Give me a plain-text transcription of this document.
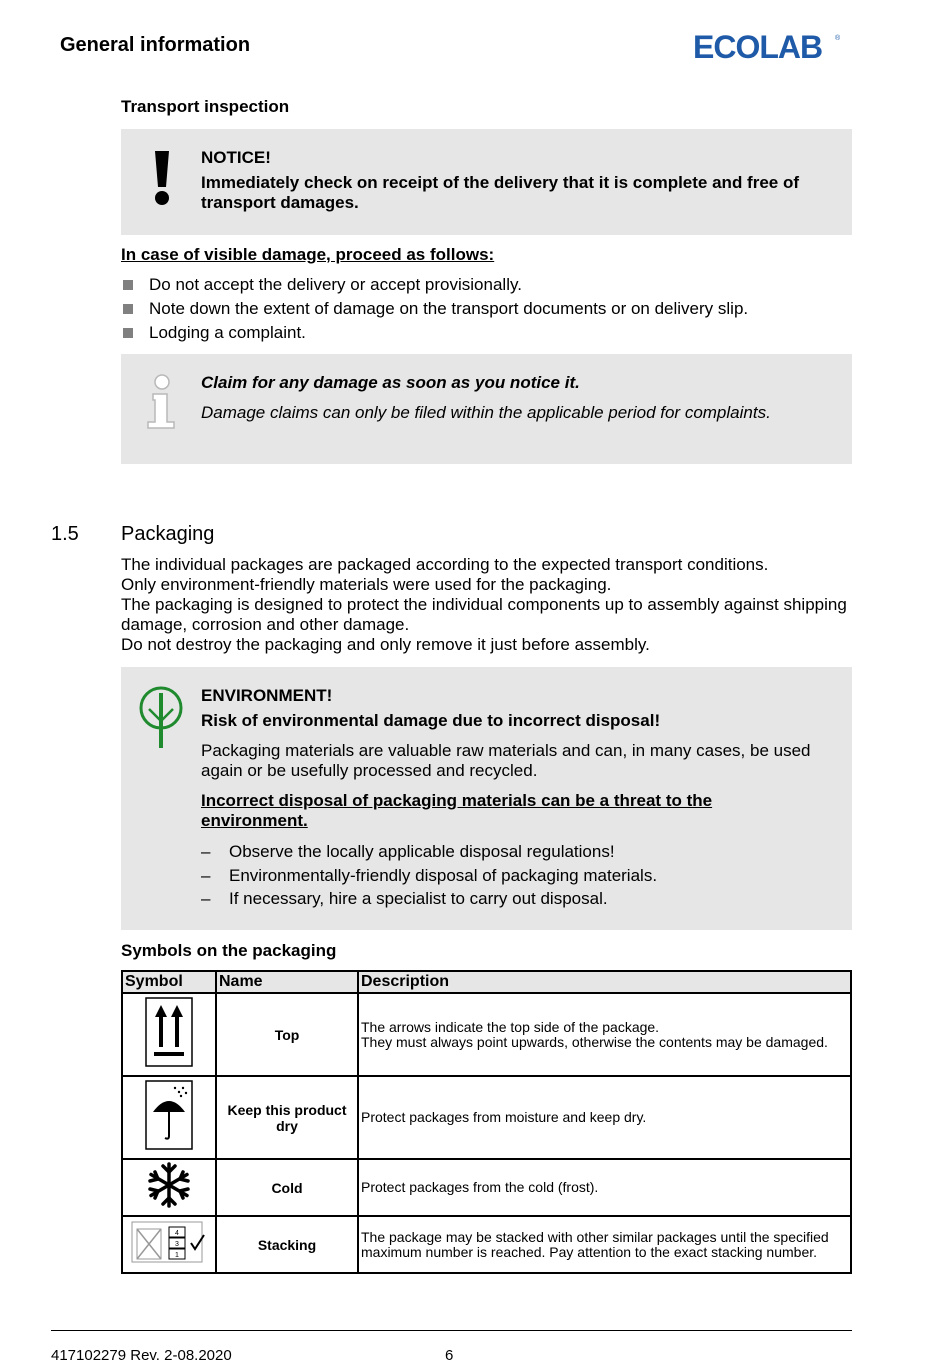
General information	ECOLAB ®
Transport inspection
NOTICE!
Immediately check on receipt of the delivery that it is complete and free of transport damages.
In case of visible damage, proceed as follows:
Do not accept the delivery or accept provisionally.
Note down the extent of damage on the transport documents or on delivery slip.
Lodging a complaint.
Claim for any damage as soon as you notice it.
Damage claims can only be filed within the applicable period for complaints.
1.5 Packaging

The individual packages are packaged according to the expected transport conditions.

Only environment-friendly materials were used for the packaging.

The packaging is designed to protect the individual components up to assembly against shipping damage, corrosion and other damage.

Do not destroy the packaging and only remove it just before assembly.

ENVIRONMENT!
Risk of environmental damage due to incorrect disposal!
Packaging materials are valuable raw materials and can, in many cases, be used again or be usefully processed and recycled.
Incorrect disposal of packaging materials can be a threat to the environment.
– Observe the locally applicable disposal regulations!
– Environmentally-friendly disposal of packaging materials.
– If necessary, hire a specialist to carry out disposal.
Symbols on the packaging
Symbol	Name	Description
	Top	The arrows indicate the top side of the package.
They must always point upwards, otherwise the contents may be damaged.
	Keep this product dry	Protect packages from moisture and keep dry.
	Cold	Protect packages from the cold (frost).

4
3
1	Stacking	The package may be stacked with other similar packages until the specified maximum number is reached. Pay attention to the exact stacking number.
417102279 Rev. 2-08.2020	6
